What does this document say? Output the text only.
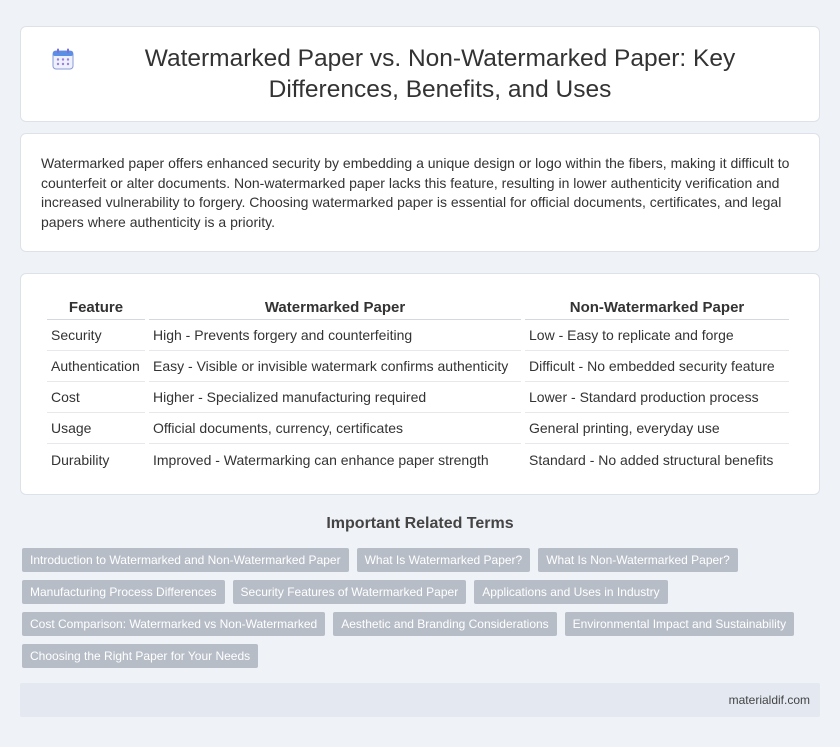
Watermarked Paper vs. Non-Watermarked Paper: Key Differences, Benefits, and Uses

Watermarked paper offers enhanced security by embedding a unique design or logo within the fibers, making it difficult to counterfeit or alter documents. Non-watermarked paper lacks this feature, resulting in lower authenticity verification and increased vulnerability to forgery. Choosing watermarked paper is essential for official documents, certificates, and legal papers where authenticity is a priority.

Feature	Watermarked Paper	Non-Watermarked Paper
Security	High - Prevents forgery and counterfeiting	Low - Easy to replicate and forge
Authentication	Easy - Visible or invisible watermark confirms authenticity	Difficult - No embedded security feature
Cost	Higher - Specialized manufacturing required	Lower - Standard production process
Usage	Official documents, currency, certificates	General printing, everyday use
Durability	Improved - Watermarking can enhance paper strength	Standard - No added structural benefits
Important Related Terms
Introduction to Watermarked and Non-Watermarked Paper	What Is Watermarked Paper?	What Is Non-Watermarked Paper?
Manufacturing Process Differences	Security Features of Watermarked Paper	Applications and Uses in Industry
Cost Comparison: Watermarked vs Non-Watermarked	Aesthetic and Branding Considerations	Environmental Impact and Sustainability
Choosing the Right Paper for Your Needs
materialdif.com
